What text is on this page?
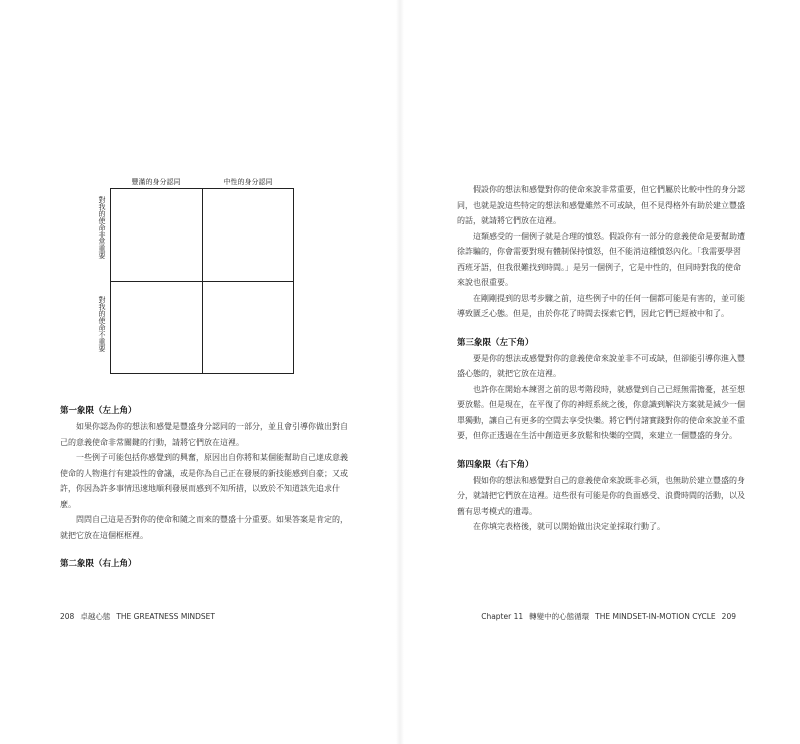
豐滿的身分認同	中性的身分認同
對我的使命非常重要
對我的使命不重要
第一象限（左上角）

如果你認為你的想法和感覺是豐盛身分認同的一部分，並且會引導你做出對自己的意義使命非常關鍵的行動，請將它們放在這裡。

一些例子可能包括你感覺到的興奮，原因出自你將和某個能幫助自己達成意義使命的人物進行有建設性的會議，或是你為自己正在發展的新技能感到自豪；又或許，你因為許多事情迅速地順利發展而感到不知所措，以致於不知道該先追求什麼。

問問自己這是否對你的使命和隨之而來的豐盛十分重要。如果答案是肯定的，就把它放在這個框框裡。

第二象限（右上角）
208 卓越心態 THE GREATNESS MINDSET

假設你的想法和感覺對你的使命來說非常重要，但它們屬於比較中性的身分認同，也就是說這些特定的想法和感覺雖然不可或缺，但不見得格外有助於建立豐盛的話，就請將它們放在這裡。

這類感受的一個例子就是合理的憤怒。假設你有一部分的意義使命是要幫助遭徐詐騙的，你會需要對現有體制保持憤怒，但不能消這種憤怒內化。「我需要學習西班牙語，但我很難找到時間。」是另一個例子，它是中性的，但同時對我的使命來說也很重要。

在剛剛提到的思考步驟之前，這些例子中的任何一個都可能是有害的，並可能導致匱乏心態。但是，由於你花了時間去探索它們，因此它們已經被中和了。

第三象限（左下角）

要是你的想法或感覺對你的意義使命來說並非不可或缺，但卻能引導你進入豐盛心態的，就把它放在這裡。

也許你在開始本練習之前的思考階段時，就感覺到自己已經無需擔憂，甚至想要放鬆。但是現在，在平復了你的神經系統之後，你意識到解決方案就是減少一個單獨動，讓自己有更多的空間去享受快樂。將它們付諸實踐對你的使命來說並不重要，但你正透過在生活中創造更多放鬆和快樂的空間，來建立一個豐盛的身分。

第四象限（右下角）

假如你的想法和感覺對自己的意義使命來說既非必須，也無助於建立豐盛的身分，就請把它們放在這裡。這些很有可能是你的負面感受、浪費時間的活動，以及舊有思考模式的遺毒。

在你填完表格後，就可以開始做出決定並採取行動了。

Chapter 11 轉變中的心態循環 THE MINDSET-IN-MOTION CYCLE 209
